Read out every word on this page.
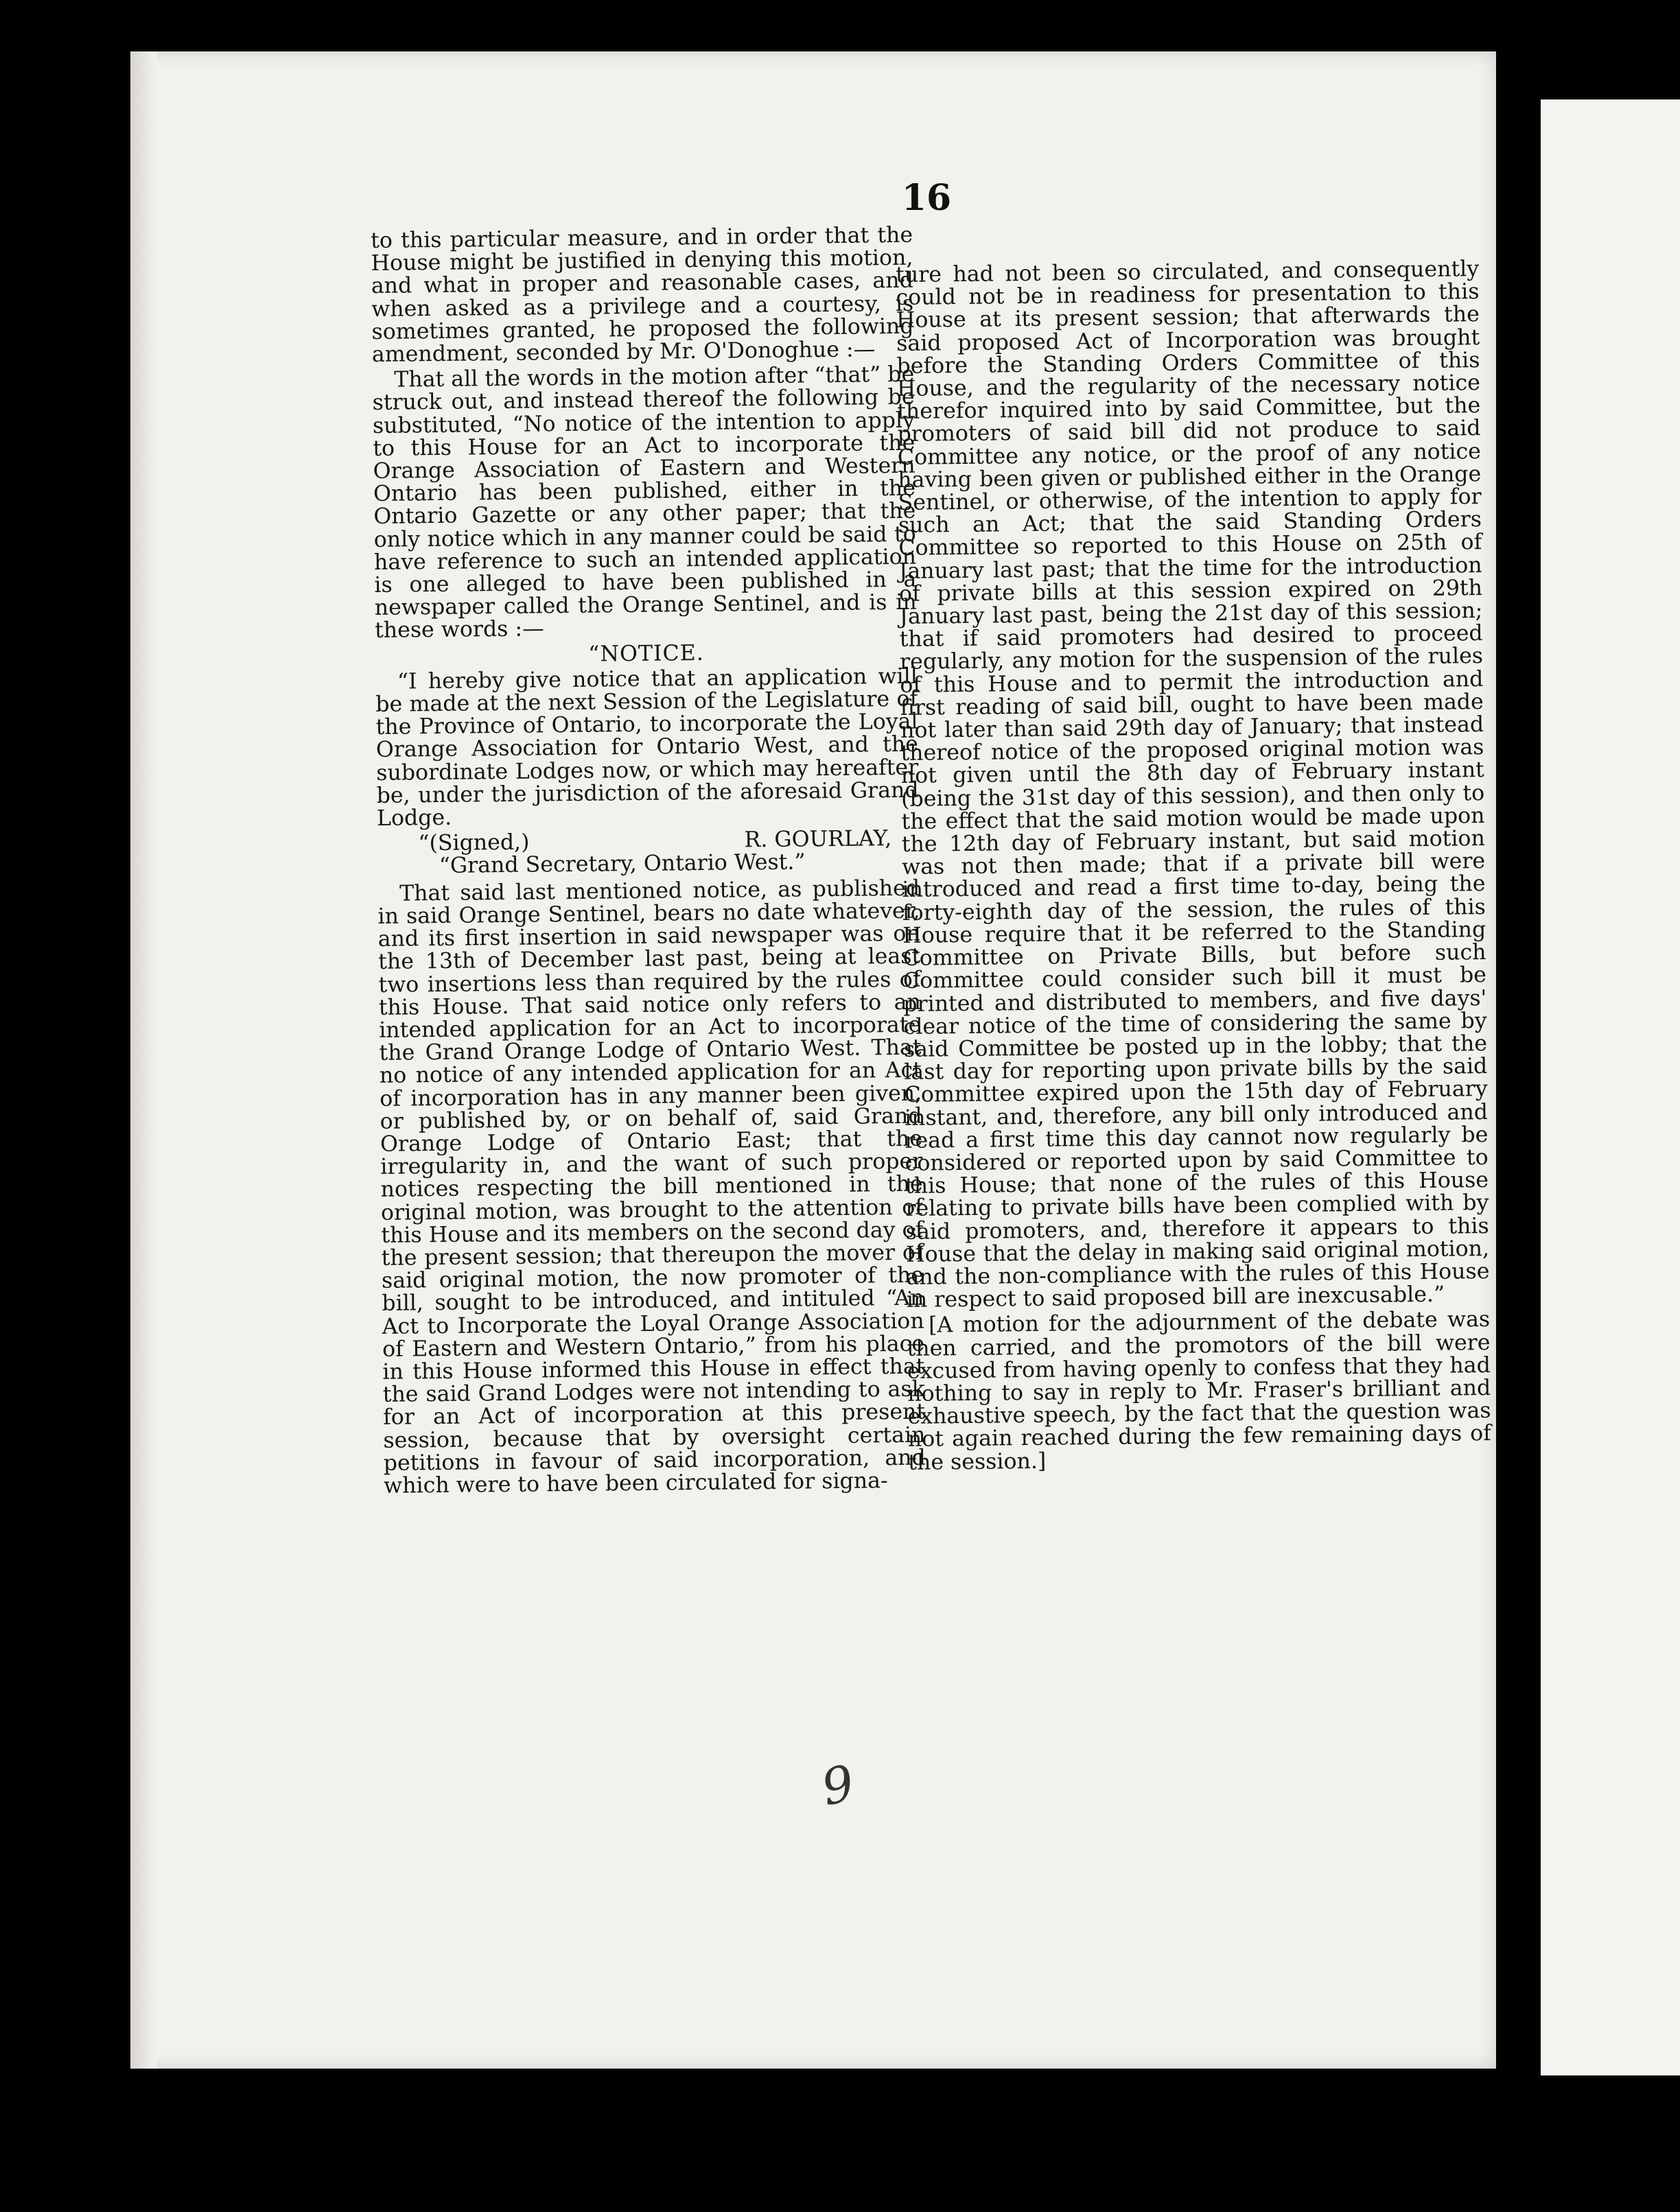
16

to this particular measure, and in order that the House might be justified in denying this motion, and what in proper and reasonable cases, and when asked as a privilege and a courtesy, is sometimes granted, he proposed the following amendment, seconded by Mr. O'Donoghue :—

That all the words in the motion after “that” be struck out, and instead thereof the following be substituted, “No notice of the intention to apply to this House for an Act to incorporate the Orange Association of Eastern and Western Ontario has been published, either in the Ontario Gazette or any other paper; that the only notice which in any manner could be said to have reference to such an intended application is one alleged to have been published in a newspaper called the Orange Sentinel, and is in these words :—

“NOTICE.

“I hereby give notice that an application will be made at the next Session of the Legislature of the Province of Ontario, to incorporate the Loyal Orange Association for Ontario West, and the subordinate Lodges now, or which may hereafter be, under the jurisdiction of the aforesaid Grand Lodge.

“(Signed,)	R. GOURLAY,

“Grand Secretary, Ontario West.”

That said last mentioned notice, as published in said Orange Sentinel, bears no date whatever, and its first insertion in said newspaper was on the 13th of December last past, being at least two insertions less than required by the rules of this House. That said notice only refers to an intended application for an Act to incorporate the Grand Orange Lodge of Ontario West. That no notice of any intended application for an Act of incorporation has in any manner been given, or published by, or on behalf of, said Grand Orange Lodge of Ontario East; that the irregularity in, and the want of such proper notices respecting the bill mentioned in the original motion, was brought to the attention of this House and its members on the second day of the present session; that thereupon the mover of said original motion, the now promoter of the bill, sought to be introduced, and intituled “An Act to Incorporate the Loyal Orange Association of Eastern and Western Ontario,” from his place in this House informed this House in effect that the said Grand Lodges were not intending to ask for an Act of incorporation at this present session, because that by oversight certain petitions in favour of said incorporation, and which were to have been circulated for signa-

ture had not been so circulated, and consequently could not be in readiness for presentation to this House at its present session; that afterwards the said proposed Act of Incorporation was brought before the Standing Orders Committee of this House, and the regularity of the necessary notice therefor inquired into by said Committee, but the promoters of said bill did not produce to said Committee any notice, or the proof of any notice having been given or published either in the Orange Sentinel, or otherwise, of the intention to apply for such an Act; that the said Standing Orders Committee so reported to this House on 25th of January last past; that the time for the introduction of private bills at this session expired on 29th January last past, being the 21st day of this session; that if said promoters had desired to proceed regularly, any motion for the suspension of the rules of this House and to permit the introduction and first reading of said bill, ought to have been made not later than said 29th day of January; that instead thereof notice of the proposed original motion was not given until the 8th day of February instant (being the 31st day of this session), and then only to the effect that the said motion would be made upon the 12th day of February instant, but said motion was not then made; that if a private bill were introduced and read a first time to-day, being the forty-eighth day of the session, the rules of this House require that it be referred to the Standing Committee on Private Bills, but before such Committee could consider such bill it must be printed and distributed to members, and five days' clear notice of the time of considering the same by said Committee be posted up in the lobby; that the last day for reporting upon private bills by the said Committee expired upon the 15th day of February instant, and, therefore, any bill only introduced and read a first time this day cannot now regularly be considered or reported upon by said Committee to this House; that none of the rules of this House relating to private bills have been complied with by said promoters, and, therefore it appears to this House that the delay in making said original motion, and the non-compliance with the rules of this House in respect to said proposed bill are inexcusable.”

[A motion for the adjournment of the debate was then carried, and the promotors of the bill were excused from having openly to confess that they had nothing to say in reply to Mr. Fraser's brilliant and exhaustive speech, by the fact that the question was not again reached during the few remaining days of the session.]

9
